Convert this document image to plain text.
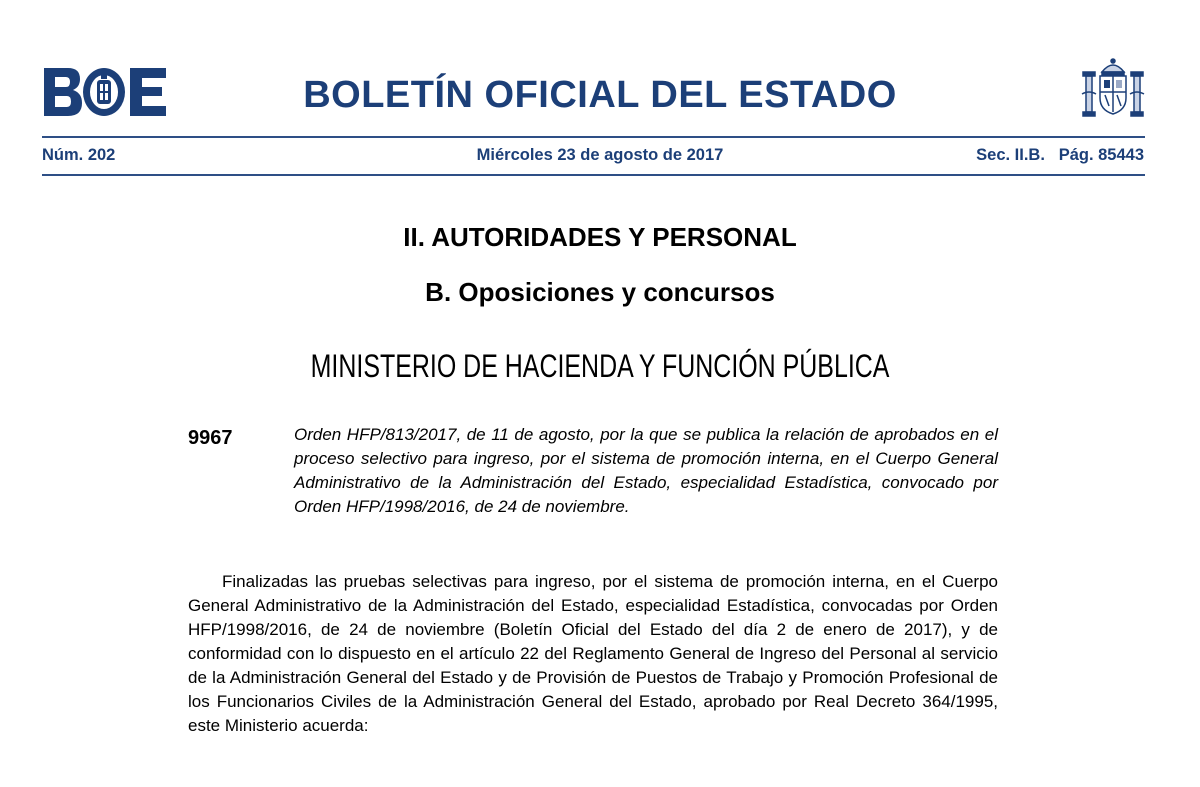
BOLETÍN OFICIAL DEL ESTADO
Núm. 202	Miércoles 23 de agosto de 2017	Sec. II.B. Pág. 85443
II. AUTORIDADES Y PERSONAL
B. Oposiciones y concursos
MINISTERIO DE HACIENDA Y FUNCIÓN PÚBLICA
9967	Orden HFP/813/2017, de 11 de agosto, por la que se publica la relación de aprobados en el proceso selectivo para ingreso, por el sistema de promoción interna, en el Cuerpo General Administrativo de la Administración del Estado, especialidad Estadística, convocado por Orden HFP/1998/2016, de 24 de noviembre.
Finalizadas las pruebas selectivas para ingreso, por el sistema de promoción interna, en el Cuerpo General Administrativo de la Administración del Estado, especialidad Estadística, convocadas por Orden HFP/1998/2016, de 24 de noviembre (Boletín Oficial del Estado del día 2 de enero de 2017), y de conformidad con lo dispuesto en el artículo 22 del Reglamento General de Ingreso del Personal al servicio de la Administración General del Estado y de Provisión de Puestos de Trabajo y Promoción Profesional de los Funcionarios Civiles de la Administración General del Estado, aprobado por Real Decreto 364/1995, este Ministerio acuerda:
